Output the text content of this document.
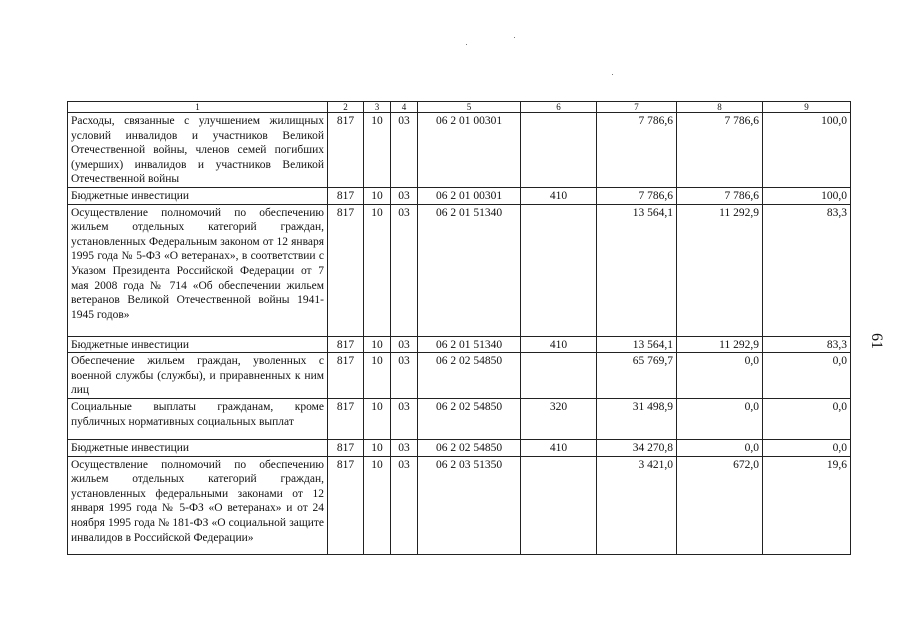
1	2	3	4	5	6	7	8	9
Расходы, связанные с улучшением жилищных условий инвалидов и участников Великой Отечественной войны, членов семей погибших (умерших) инвалидов и участников Великой Отечественной войны	817	10	03	06 2 01 00301		7 786,6	7 786,6	100,0
Бюджетные инвестиции	817	10	03	06 2 01 00301	410	7 786,6	7 786,6	100,0
Осуществление полномочий по обеспечению жильем отдельных категорий граждан, установленных Федеральным законом от 12 января 1995 года № 5-ФЗ «О ветеранах», в соответствии с Указом Президента Российской Федерации от 7 мая 2008 года № 714 «Об обеспечении жильем ветеранов Великой Отечественной войны 1941-1945 годов»	817	10	03	06 2 01 51340		13 564,1	11 292,9	83,3
Бюджетные инвестиции	817	10	03	06 2 01 51340	410	13 564,1	11 292,9	83,3
Обеспечение жильем граждан, уволенных с военной службы (службы), и приравненных к ним лиц	817	10	03	06 2 02 54850		65 769,7	0,0	0,0
Социальные выплаты гражданам, кроме публичных нормативных социальных выплат	817	10	03	06 2 02 54850	320	31 498,9	0,0	0,0
Бюджетные инвестиции	817	10	03	06 2 02 54850	410	34 270,8	0,0	0,0
Осуществление полномочий по обеспечению жильем отдельных категорий граждан, установленных федеральными законами от 12 января 1995 года № 5-ФЗ «О ветеранах» и от 24 ноября 1995 года № 181-ФЗ «О социальной защите инвалидов в Российской Федерации»	817	10	03	06 2 03 51350		3 421,0	672,0	19,6
61
